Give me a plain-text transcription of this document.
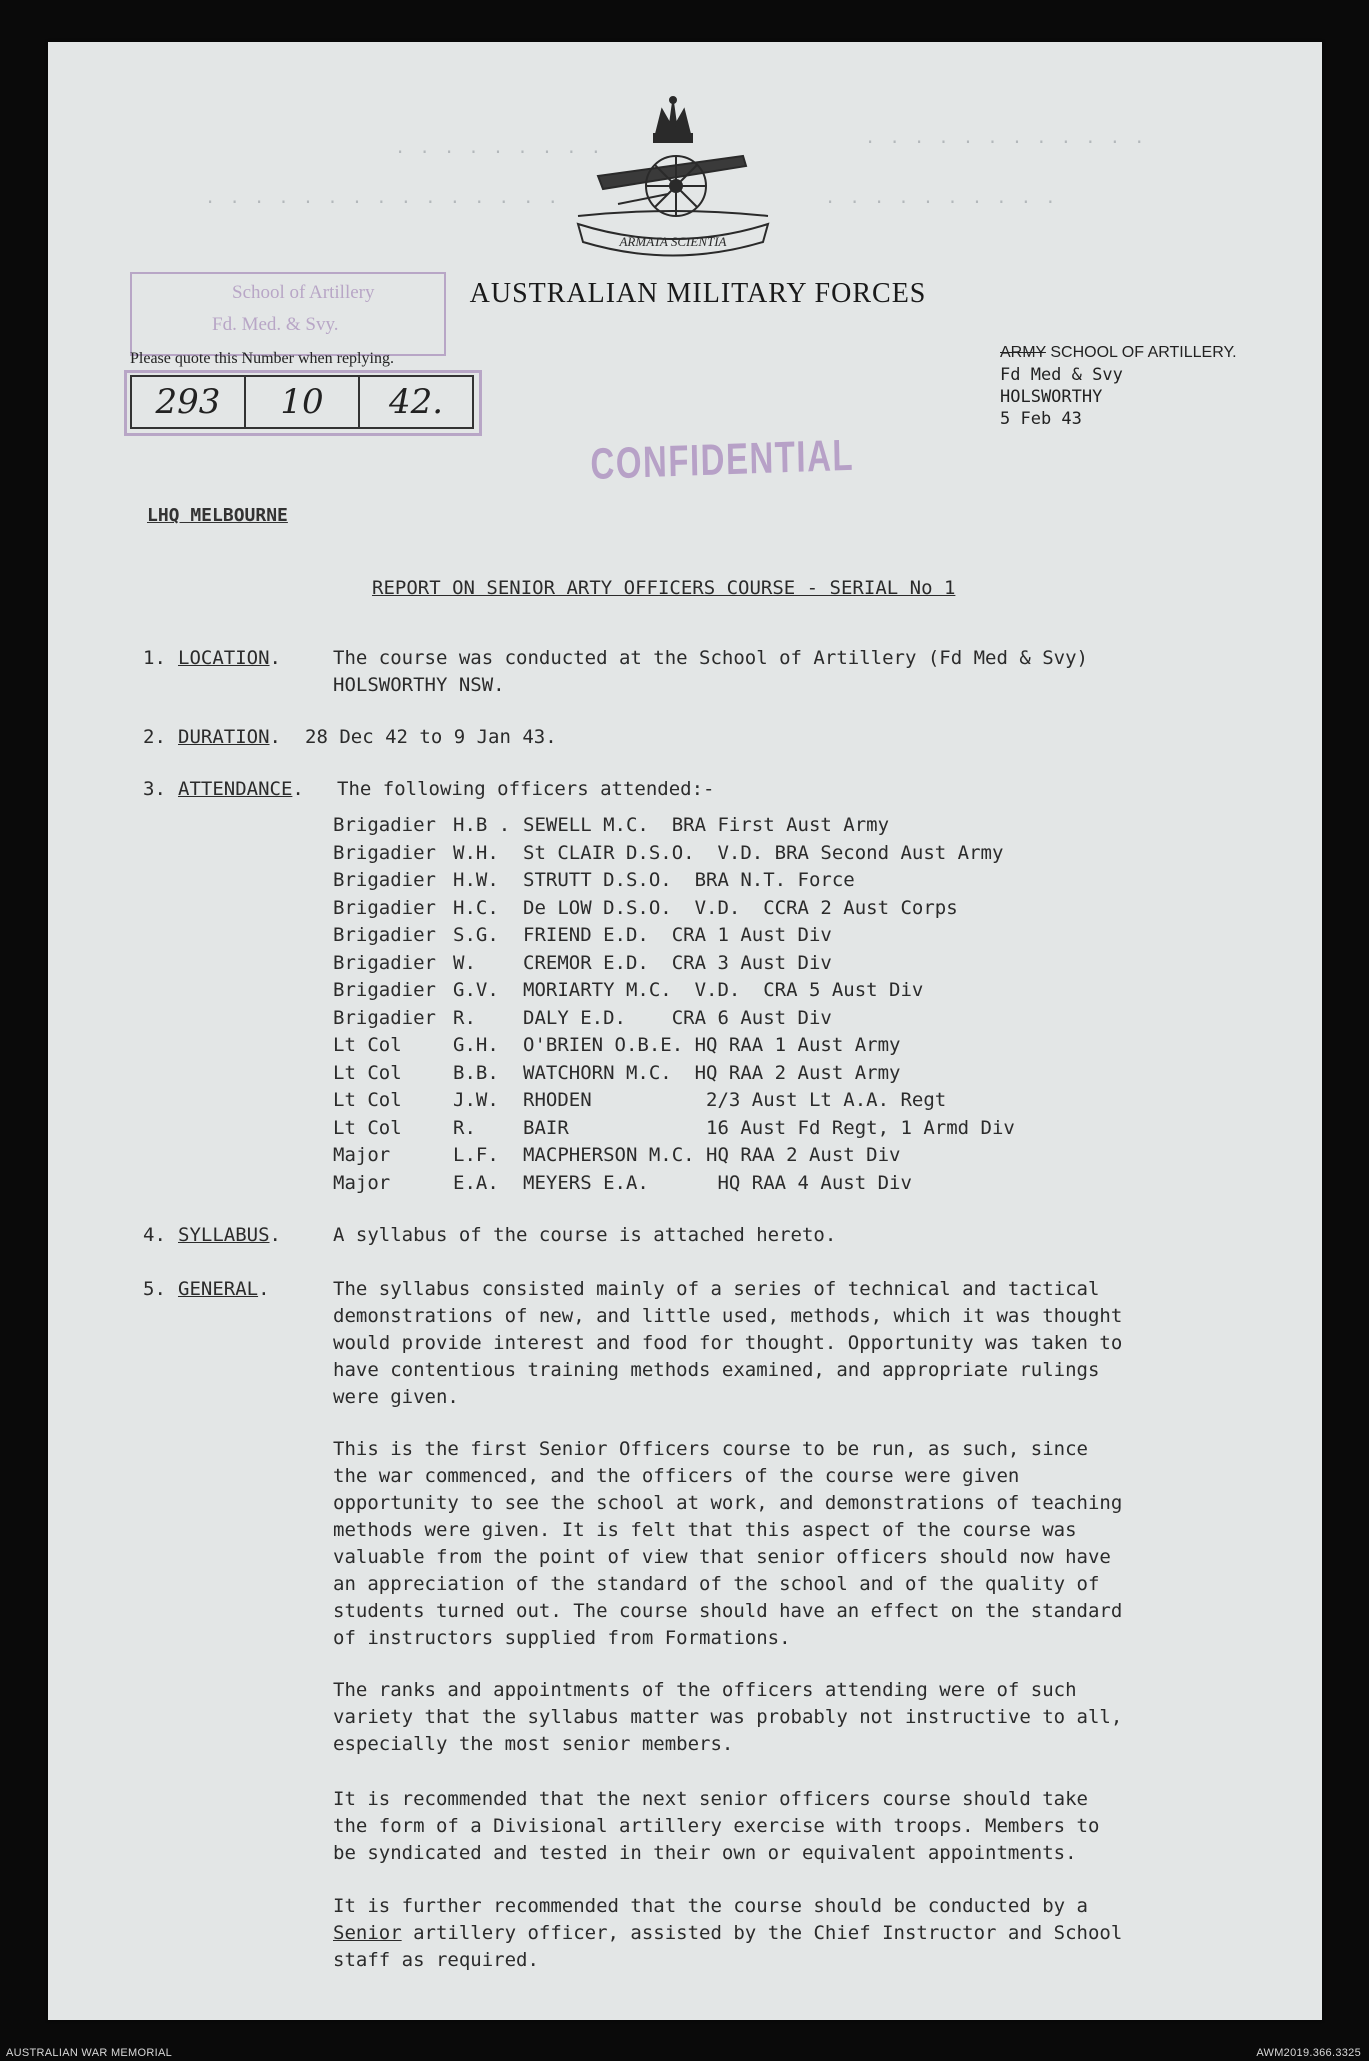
ARMATA SCIENTIA
AUSTRALIAN MILITARY FORCES
. . . . . . . . .	. . . . . . . . . . . .
. . . . . . . . . . . . . . .	. . . . . . . . . .
School of Artillery
Fd. Med. & Svy.
Please quote this Number when replying.
293	10	42.
ARMY SCHOOL OF ARTILLERY.
Fd Med & Svy
HOLSWORTHY
5 Feb 43
CONFIDENTIAL
LHQ MELBOURNE
REPORT ON SENIOR ARTY OFFICERS COURSE - SERIAL No 1
1. LOCATION.	The course was conducted at the School of Artillery (Fd Med & Svy)
HOLSWORTHY NSW.
2. DURATION. 28 Dec 42 to 9 Jan 43.
3. ATTENDANCE. The following officers attended:-
Brigadier H.B . SEWELL M.C.  BRA First Aust Army
Brigadier W.H.	St CLAIR D.S.O.  V.D. BRA Second Aust Army
Brigadier H.W.	STRUTT D.S.O.  BRA N.T. Force
Brigadier H.C.	De LOW D.S.O.  V.D.  CCRA 2 Aust Corps
Brigadier S.G.	FRIEND E.D.  CRA 1 Aust Div
Brigadier W.	CREMOR E.D.  CRA 3 Aust Div
Brigadier G.V.	MORIARTY M.C.  V.D.  CRA 5 Aust Div
Brigadier R.	DALY E.D.    CRA 6 Aust Div
Lt Col	G.H.	O'BRIEN O.B.E. HQ RAA 1 Aust Army
Lt Col	B.B.	WATCHORN M.C.  HQ RAA 2 Aust Army
Lt Col	J.W.	RHODEN          2/3 Aust Lt A.A. Regt
Lt Col	R.	BAIR            16 Aust Fd Regt, 1 Armd Div
Major	L.F.	MACPHERSON M.C. HQ RAA 2 Aust Div
Major	E.A.	MEYERS E.A.      HQ RAA 4 Aust Div
4. SYLLABUS.	A syllabus of the course is attached hereto.
5. GENERAL.	The syllabus consisted mainly of a series of technical and tactical
demonstrations of new, and little used, methods, which it was thought
would provide interest and food for thought. Opportunity was taken to
have contentious training methods examined, and appropriate rulings
were given.
This is the first Senior Officers course to be run, as such, since
the war commenced, and the officers of the course were given
opportunity to see the school at work, and demonstrations of teaching
methods were given. It is felt that this aspect of the course was
valuable from the point of view that senior officers should now have
an appreciation of the standard of the school and of the quality of
students turned out. The course should have an effect on the standard
of instructors supplied from Formations.
The ranks and appointments of the officers attending were of such
variety that the syllabus matter was probably not instructive to all,
especially the most senior members.
It is recommended that the next senior officers course should take
the form of a Divisional artillery exercise with troops. Members to
be syndicated and tested in their own or equivalent appointments.
It is further recommended that the course should be conducted by a
Senior artillery officer, assisted by the Chief Instructor and School
staff as required.
AUSTRALIAN WAR MEMORIAL	AWM2019.366.3325
